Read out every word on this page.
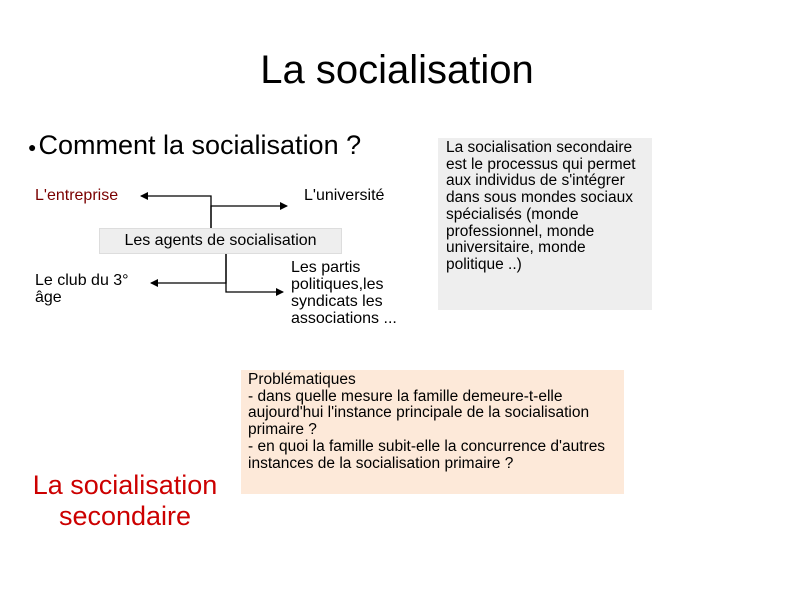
La socialisation
●Comment la socialisation ?
L'entreprise	L'université
Les agents de socialisation
Le club du 3° âge
Les partis politiques,les syndicats les associations ...
La socialisation secondaire est le processus qui permet aux individus de s'intégrer dans sous mondes sociaux spécialisés (monde professionnel, monde universitaire, monde politique ..)
Problématiques
- dans quelle mesure la famille demeure-t-elle aujourd'hui l'instance principale de la socialisation primaire ?
- en quoi la famille subit-elle la concurrence d'autres instances de la socialisation primaire ?
La socialisation secondaire
